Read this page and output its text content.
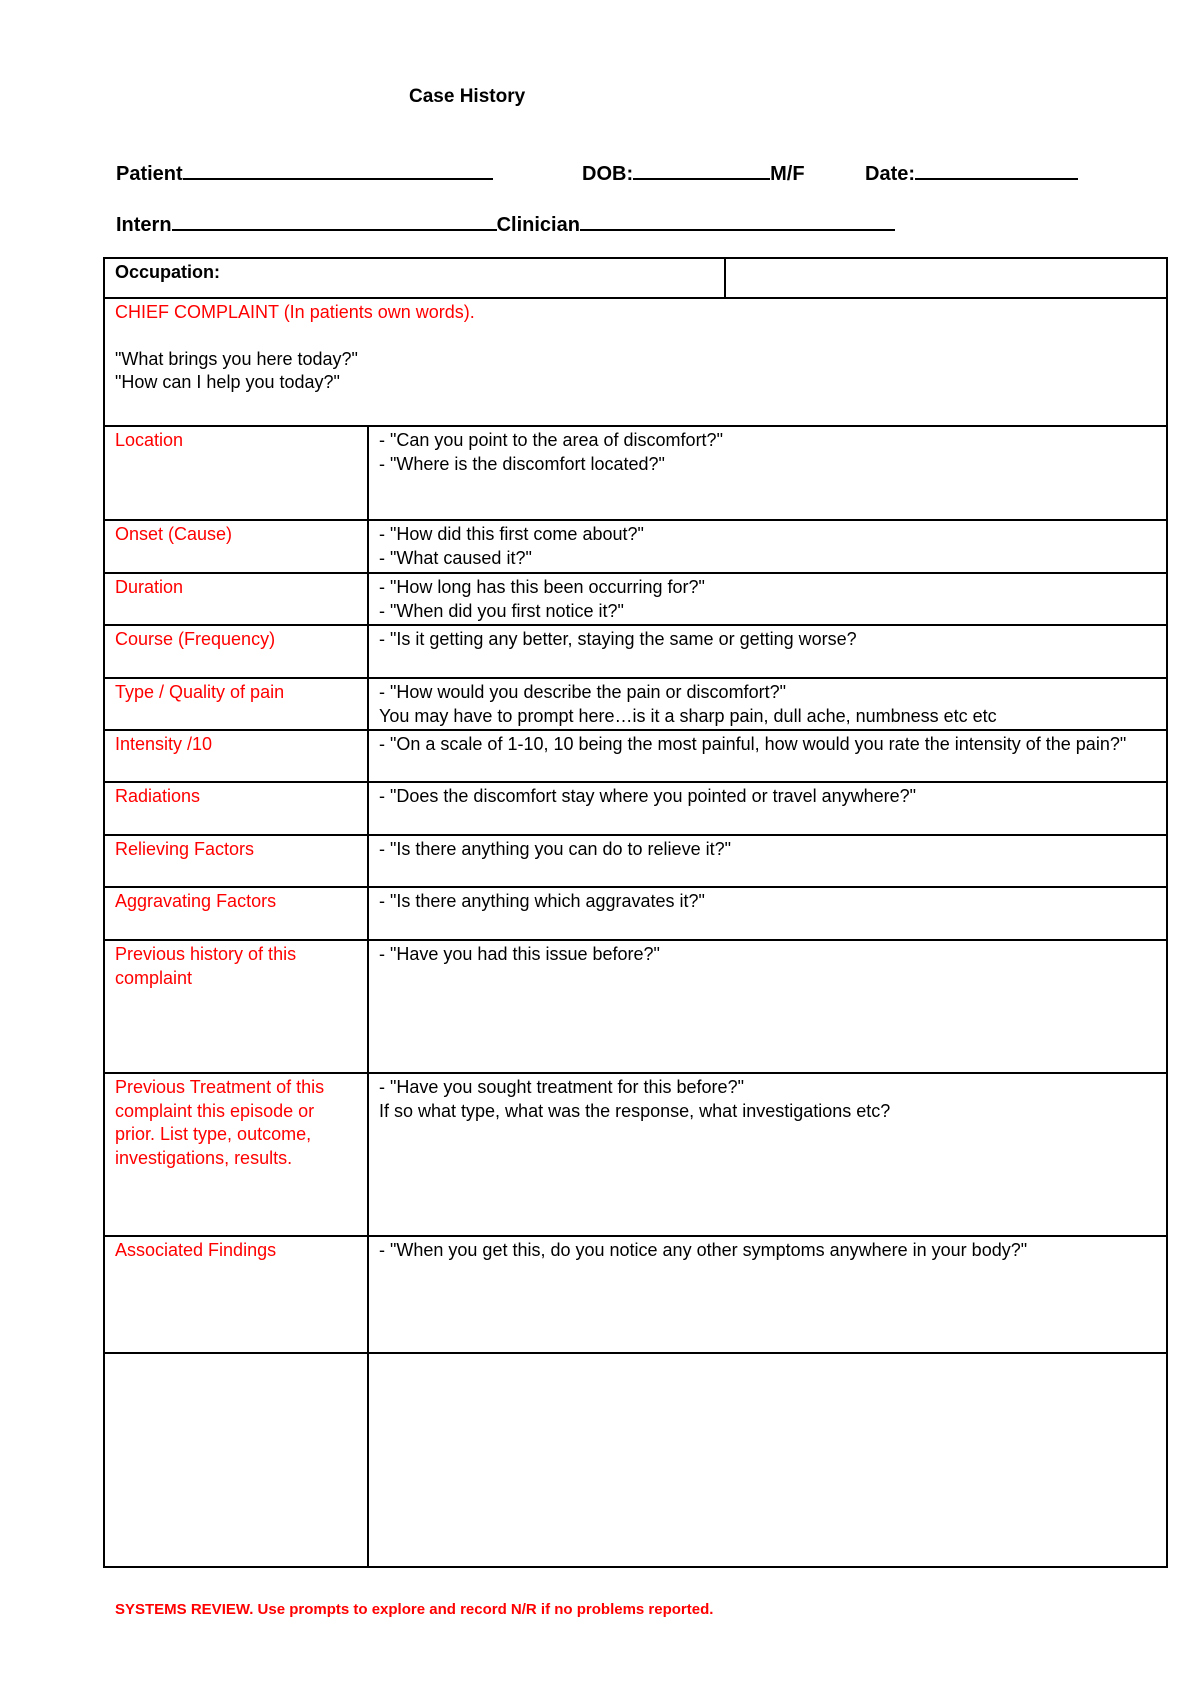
Case History
Patient	DOB:	M/F	Date:
Intern	Clinician
Occupation:		

CHIEF COMPLAINT (In patients own words).
"What brings you here today?"
"How can I help you today?"		

Location	- "Can you point to the area of discomfort?"
- "Where is the discomfort located?"	

Onset (Cause)	- "How did this first come about?"
- "What caused it?"	

Duration	- "How long has this been occurring for?"
- "When did you first notice it?"	

Course (Frequency)	- "Is it getting any better, staying the same or getting worse?	

Type / Quality of pain	- "How would you describe the pain or discomfort?"
You may have to prompt here…is it a sharp pain, dull ache, numbness etc etc	

Intensity /10	- "On a scale of 1-10, 10 being the most painful, how would you rate the intensity of the pain?"	

Radiations	- "Does the discomfort stay where you pointed or travel anywhere?"	

Relieving Factors	- "Is there anything you can do to relieve it?"	

Aggravating Factors	- "Is there anything which aggravates it?"	

Previous history of this complaint	- "Have you had this issue before?"	

Previous Treatment of this complaint this episode or prior. List type, outcome, investigations, results.	- "Have you sought treatment for this before?"
If so what type, what was the response, what investigations etc?	

Associated Findings	- "When you get this, do you notice any other symptoms anywhere in your body?"	

SYSTEMS REVIEW. Use prompts to explore and record N/R if no problems reported.
